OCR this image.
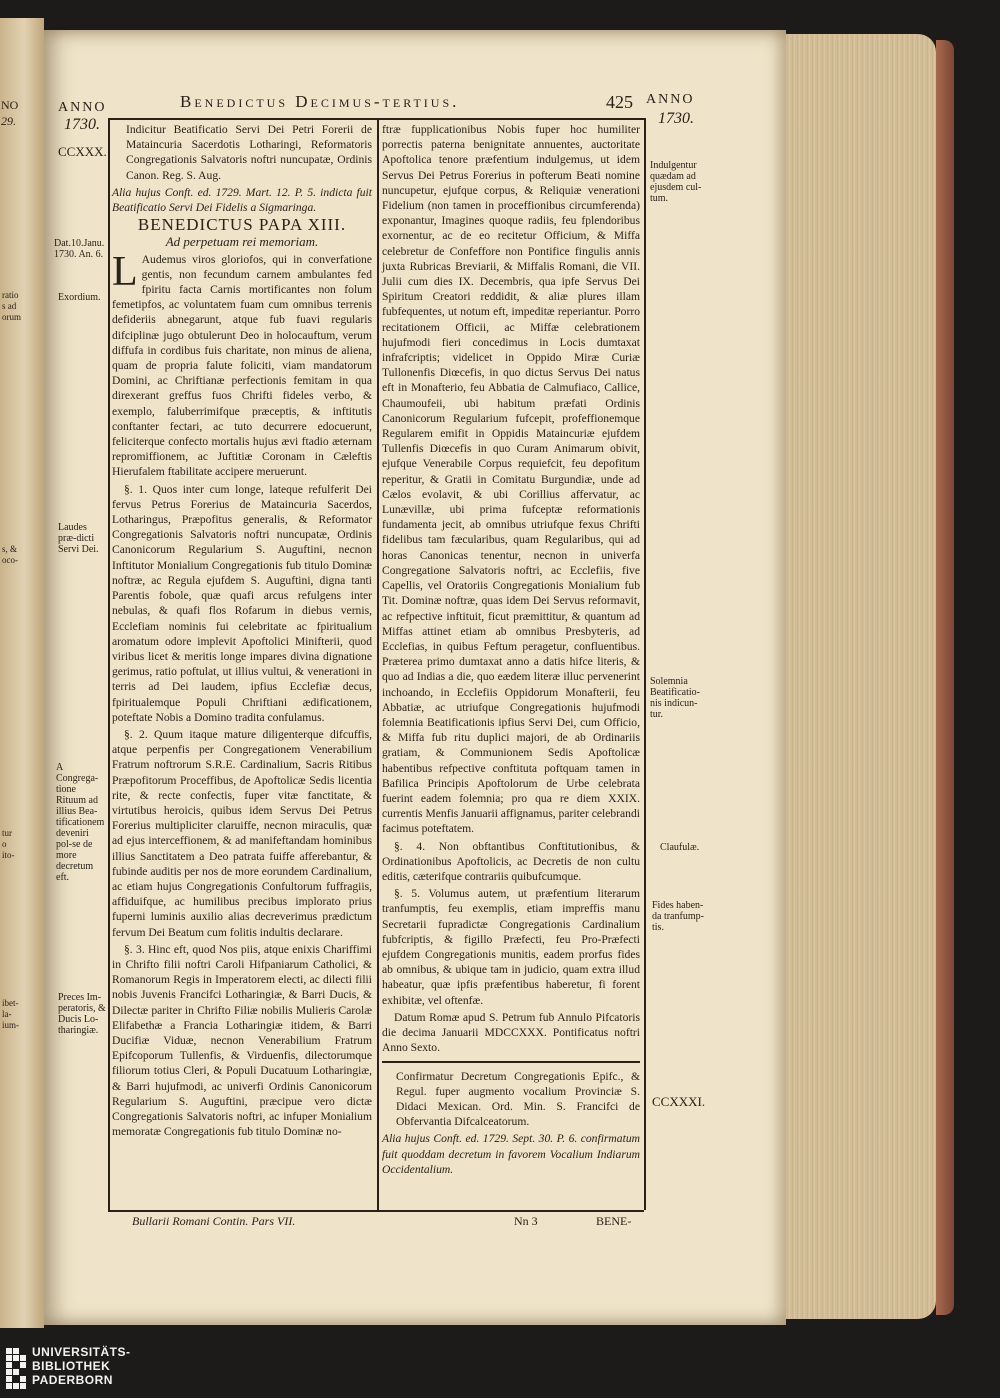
NO
29.
ratio
s ad
orum
s, &
oco-
tur
o
ito-
ibet-
la-
ium-
ANNO
1730.
Benedictus Decimus-tertius.	425 ANNO
1730.
CCXXX.
Dat.10.Janu. 1730. An. 6.
Exordium.
Laudes præ-dicti Servi Dei.
A Congrega-tione Rituum ad illius Bea-tificationem deveniri pol-se de more decretum eft.
Preces Im-peratoris, & Ducis Lo-tharingiæ.
Indulgentur quædam ad ejusdem cul-tum.
Solemnia Beatificatio-nis indicun-tur.
Claufulæ.
Fides haben-da tranfump-tis.
CCXXXI.

Indicitur Beatificatio Servi Dei Petri Forerii de Mataincuria Sacerdotis Lotharingi, Reformatoris Congregationis Salvatoris noftri nuncupatæ, Ordinis Canon. Reg. S. Aug.

Alia hujus Conft. ed. 1729. Mart. 12. P. 5. indicta fuit Beatificatio Servi Dei Fidelis a Sigmaringa.

BENEDICTUS PAPA XIII.

Ad perpetuam rei memoriam.

L Audemus viros gloriofos, qui in converfatione gentis, non fecundum carnem ambulantes fed fpiritu facta Carnis mortificantes non folum femetipfos, ac voluntatem fuam cum omnibus terrenis defideriis abnegarunt, atque fub fuavi regularis difciplinæ jugo obtulerunt Deo in holocauftum, verum diffufa in cordibus fuis charitate, non minus de aliena, quam de propria falute foliciti, viam mandatorum Domini, ac Chriftianæ perfectionis femitam in qua direxerant greffus fuos Chrifti fideles verbo, & exemplo, faluberrimifque præceptis, & inftitutis conftanter fectari, ac tuto decurrere edocuerunt, feliciterque confecto mortalis hujus ævi ftadio æternam repromiffionem, ac Juftitiæ Coronam in Cæleftis Hierufalem ftabilitate accipere meruerunt.

§. 1. Quos inter cum longe, lateque refulferit Dei fervus Petrus Forerius de Mataincuria Sacerdos, Lotharingus, Præpofitus generalis, & Reformator Congregationis Salvatoris noftri nuncupatæ, Ordinis Canonicorum Regularium S. Auguftini, necnon Inftitutor Monialium Congregationis fub titulo Dominæ noftræ, ac Regula ejufdem S. Auguftini, digna tanti Parentis fobole, quæ quafi arcus refulgens inter nebulas, & quafi flos Rofarum in diebus vernis, Ecclefiam nominis fui celebritate ac fpiritualium aromatum odore implevit Apoftolici Minifterii, quod viribus licet & meritis longe impares divina dignatione gerimus, ratio poftulat, ut illius vultui, & venerationi in terris ad Dei laudem, ipfius Ecclefiæ decus, fpiritualemque Populi Chriftiani ædificationem, poteftate Nobis a Domino tradita confulamus.

§. 2. Quum itaque mature diligenterque difcuffis, atque perpenfis per Congregationem Venerabilium Fratrum noftrorum S.R.E. Cardinalium, Sacris Ritibus Præpofitorum Proceffibus, de Apoftolicæ Sedis licentia rite, & recte confectis, fuper vitæ fanctitate, & virtutibus heroicis, quibus idem Servus Dei Petrus Forerius multipliciter claruiffe, necnon miraculis, quæ ad ejus interceffionem, & ad manifeftandam hominibus illius Sanctitatem a Deo patrata fuiffe afferebantur, & fubinde auditis per nos de more eorundem Cardinalium, ac etiam hujus Congregationis Confultorum fuffragiis, affiduifque, ac humilibus precibus implorato prius fuperni luminis auxilio alias decreverimus prædictum fervum Dei Beatum cum folitis indultis declarare.

§. 3. Hinc eft, quod Nos piis, atque enixis Chariffimi in Chrifto filii noftri Caroli Hifpaniarum Catholici, & Romanorum Regis in Imperatorem electi, ac dilecti filii nobis Juvenis Francifci Lotharingiæ, & Barri Ducis, & Dilectæ pariter in Chrifto Filiæ nobilis Mulieris Carolæ Elifabethæ a Francia Lotharingiæ itidem, & Barri Ducifiæ Viduæ, necnon Venerabilium Fratrum Epifcoporum Tullenfis, & Virduenfis, dilectorumque filiorum totius Cleri, & Populi Ducatuum Lotharingiæ, & Barri hujufmodi, ac univerfi Ordinis Canonicorum Regularium S. Auguftini, præcipue vero dictæ Congregationis Salvatoris noftri, ac infuper Monialium memoratæ Congregationis fub titulo Dominæ no-

ftræ fupplicationibus Nobis fuper hoc humiliter porrectis paterna benignitate annuentes, auctoritate Apoftolica tenore præfentium indulgemus, ut idem Servus Dei Petrus Forerius in pofterum Beati nomine nuncupetur, ejufque corpus, & Reliquiæ venerationi Fidelium (non tamen in proceffionibus circumferenda) exponantur, Imagines quoque radiis, feu fplendoribus exornentur, ac de eo recitetur Officium, & Miffa celebretur de Confeffore non Pontifice fingulis annis juxta Rubricas Breviarii, & Miffalis Romani, die VII. Julii cum dies IX. Decembris, qua ipfe Servus Dei Spiritum Creatori reddidit, & aliæ plures illam fubfequentes, ut notum eft, impeditæ reperiantur. Porro recitationem Officii, ac Miffæ celebrationem hujufmodi fieri concedimus in Locis dumtaxat infrafcriptis; videlicet in Oppido Miræ Curiæ Tullonenfis Diœcefis, in quo dictus Servus Dei natus eft in Monafterio, feu Abbatia de Calmufiaco, Callice, Chaumoufeii, ubi habitum præfati Ordinis Canonicorum Regularium fufcepit, profeffionemque Regularem emifit in Oppidis Mataincuriæ ejufdem Tullenfis Diœcefis in quo Curam Animarum obivit, ejufque Venerabile Corpus requiefcit, feu depofitum reperitur, & Gratii in Comitatu Burgundiæ, unde ad Cælos evolavit, & ubi Corillius affervatur, ac Lunævillæ, ubi prima fufceptæ reformationis fundamenta jecit, ab omnibus utriufque fexus Chrifti fidelibus tam fæcularibus, quam Regularibus, qui ad horas Canonicas tenentur, necnon in univerfa Congregatione Salvatoris noftri, ac Ecclefiis, five Capellis, vel Oratoriis Congregationis Monialium fub Tit. Dominæ noftræ, quas idem Dei Servus reformavit, ac refpective inftituit, ficut præmittitur, & quantum ad Miffas attinet etiam ab omnibus Presbyteris, ad Ecclefias, in quibus Feftum peragetur, confluentibus. Præterea primo dumtaxat anno a datis hifce literis, & quo ad Indias a die, quo eædem literæ illuc pervenerint inchoando, in Ecclefiis Oppidorum Monafterii, feu Abbatiæ, ac utriufque Congregationis hujufmodi folemnia Beatificationis ipfius Servi Dei, cum Officio, & Miffa fub ritu duplici majori, de ab Ordinariis gratiam, & Communionem Sedis Apoftolicæ habentibus refpective conftituta poftquam tamen in Bafilica Principis Apoftolorum de Urbe celebrata fuerint eadem folemnia; pro qua re diem XXIX. currentis Menfis Januarii affignamus, pariter celebrandi facimus poteftatem.

§. 4. Non obftantibus Conftitutionibus, & Ordinationibus Apoftolicis, ac Decretis de non cultu editis, cæterifque contrariis quibufcumque.

§. 5. Volumus autem, ut præfentium literarum tranfumptis, feu exemplis, etiam impreffis manu Secretarii fupradictæ Congregationis Cardinalium fubfcriptis, & figillo Præfecti, feu Pro-Præfecti ejufdem Congregationis munitis, eadem prorfus fides ab omnibus, & ubique tam in judicio, quam extra illud habeatur, quæ ipfis præfentibus haberetur, fi forent exhibitæ, vel oftenfæ.

Datum Romæ apud S. Petrum fub Annulo Pifcatoris die decima Januarii MDCCXXX. Pontificatus noftri Anno Sexto.

Confirmatur Decretum Congregationis Epifc., & Regul. fuper augmento vocalium Provinciæ S. Didaci Mexican. Ord. Min. S. Francifci de Obfervantia Difcalceatorum.

Alia hujus Conft. ed. 1729. Sept. 30. P. 6. confirmatum fuit quoddam decretum in favorem Vocalium Indiarum Occidentalium.

Bullarii Romani Contin. Pars VII.	Nn 3	BENE-
UNIVERSITÄTS-
BIBLIOTHEK
PADERBORN
